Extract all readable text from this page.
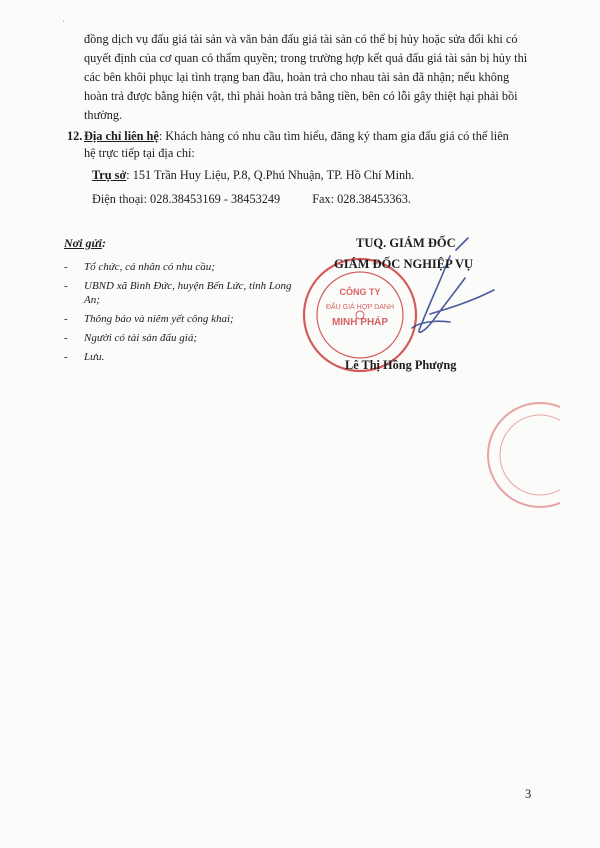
ˌ

đồng dịch vụ đấu giá tài sản và văn bản đấu giá tài sản có thể bị hủy hoặc sửa đổi khi có

quyết định của cơ quan có thẩm quyền; trong trường hợp kết quả đấu giá tài sản bị hủy thì

các bên khôi phục lại tình trạng ban đầu, hoàn trả cho nhau tài sản đã nhận; nếu không

hoàn trả được bằng hiện vật, thì phải hoàn trả bằng tiền, bên có lỗi gây thiệt hại phải bồi

thường.

12. Địa chỉ liên hệ: Khách hàng có nhu cầu tìm hiểu, đăng ký tham gia đấu giá có thể liên
hệ trực tiếp tại địa chỉ:
Trụ sở: 151 Trần Huy Liệu, P.8, Q.Phú Nhuận, TP. Hồ Chí Minh.
Điện thoại: 028.38453169 - 38453249	Fax: 028.38453363.
Nơi gửi:
- Tổ chức, cá nhân có nhu cầu;
- UBND xã Bình Đức, huyện Bến Lức, tỉnh Long An;
- Thông báo và niêm yết công khai;
- Người có tài sản đấu giá;
- Lưu.
CÔNG TY
ĐẤU GIÁ HỢP DANH
MINH PHÁP
TUQ. GIÁM ĐỐC
GIÁM ĐỐC NGHIỆP VỤ
Lê Thị Hồng Phượng
3
